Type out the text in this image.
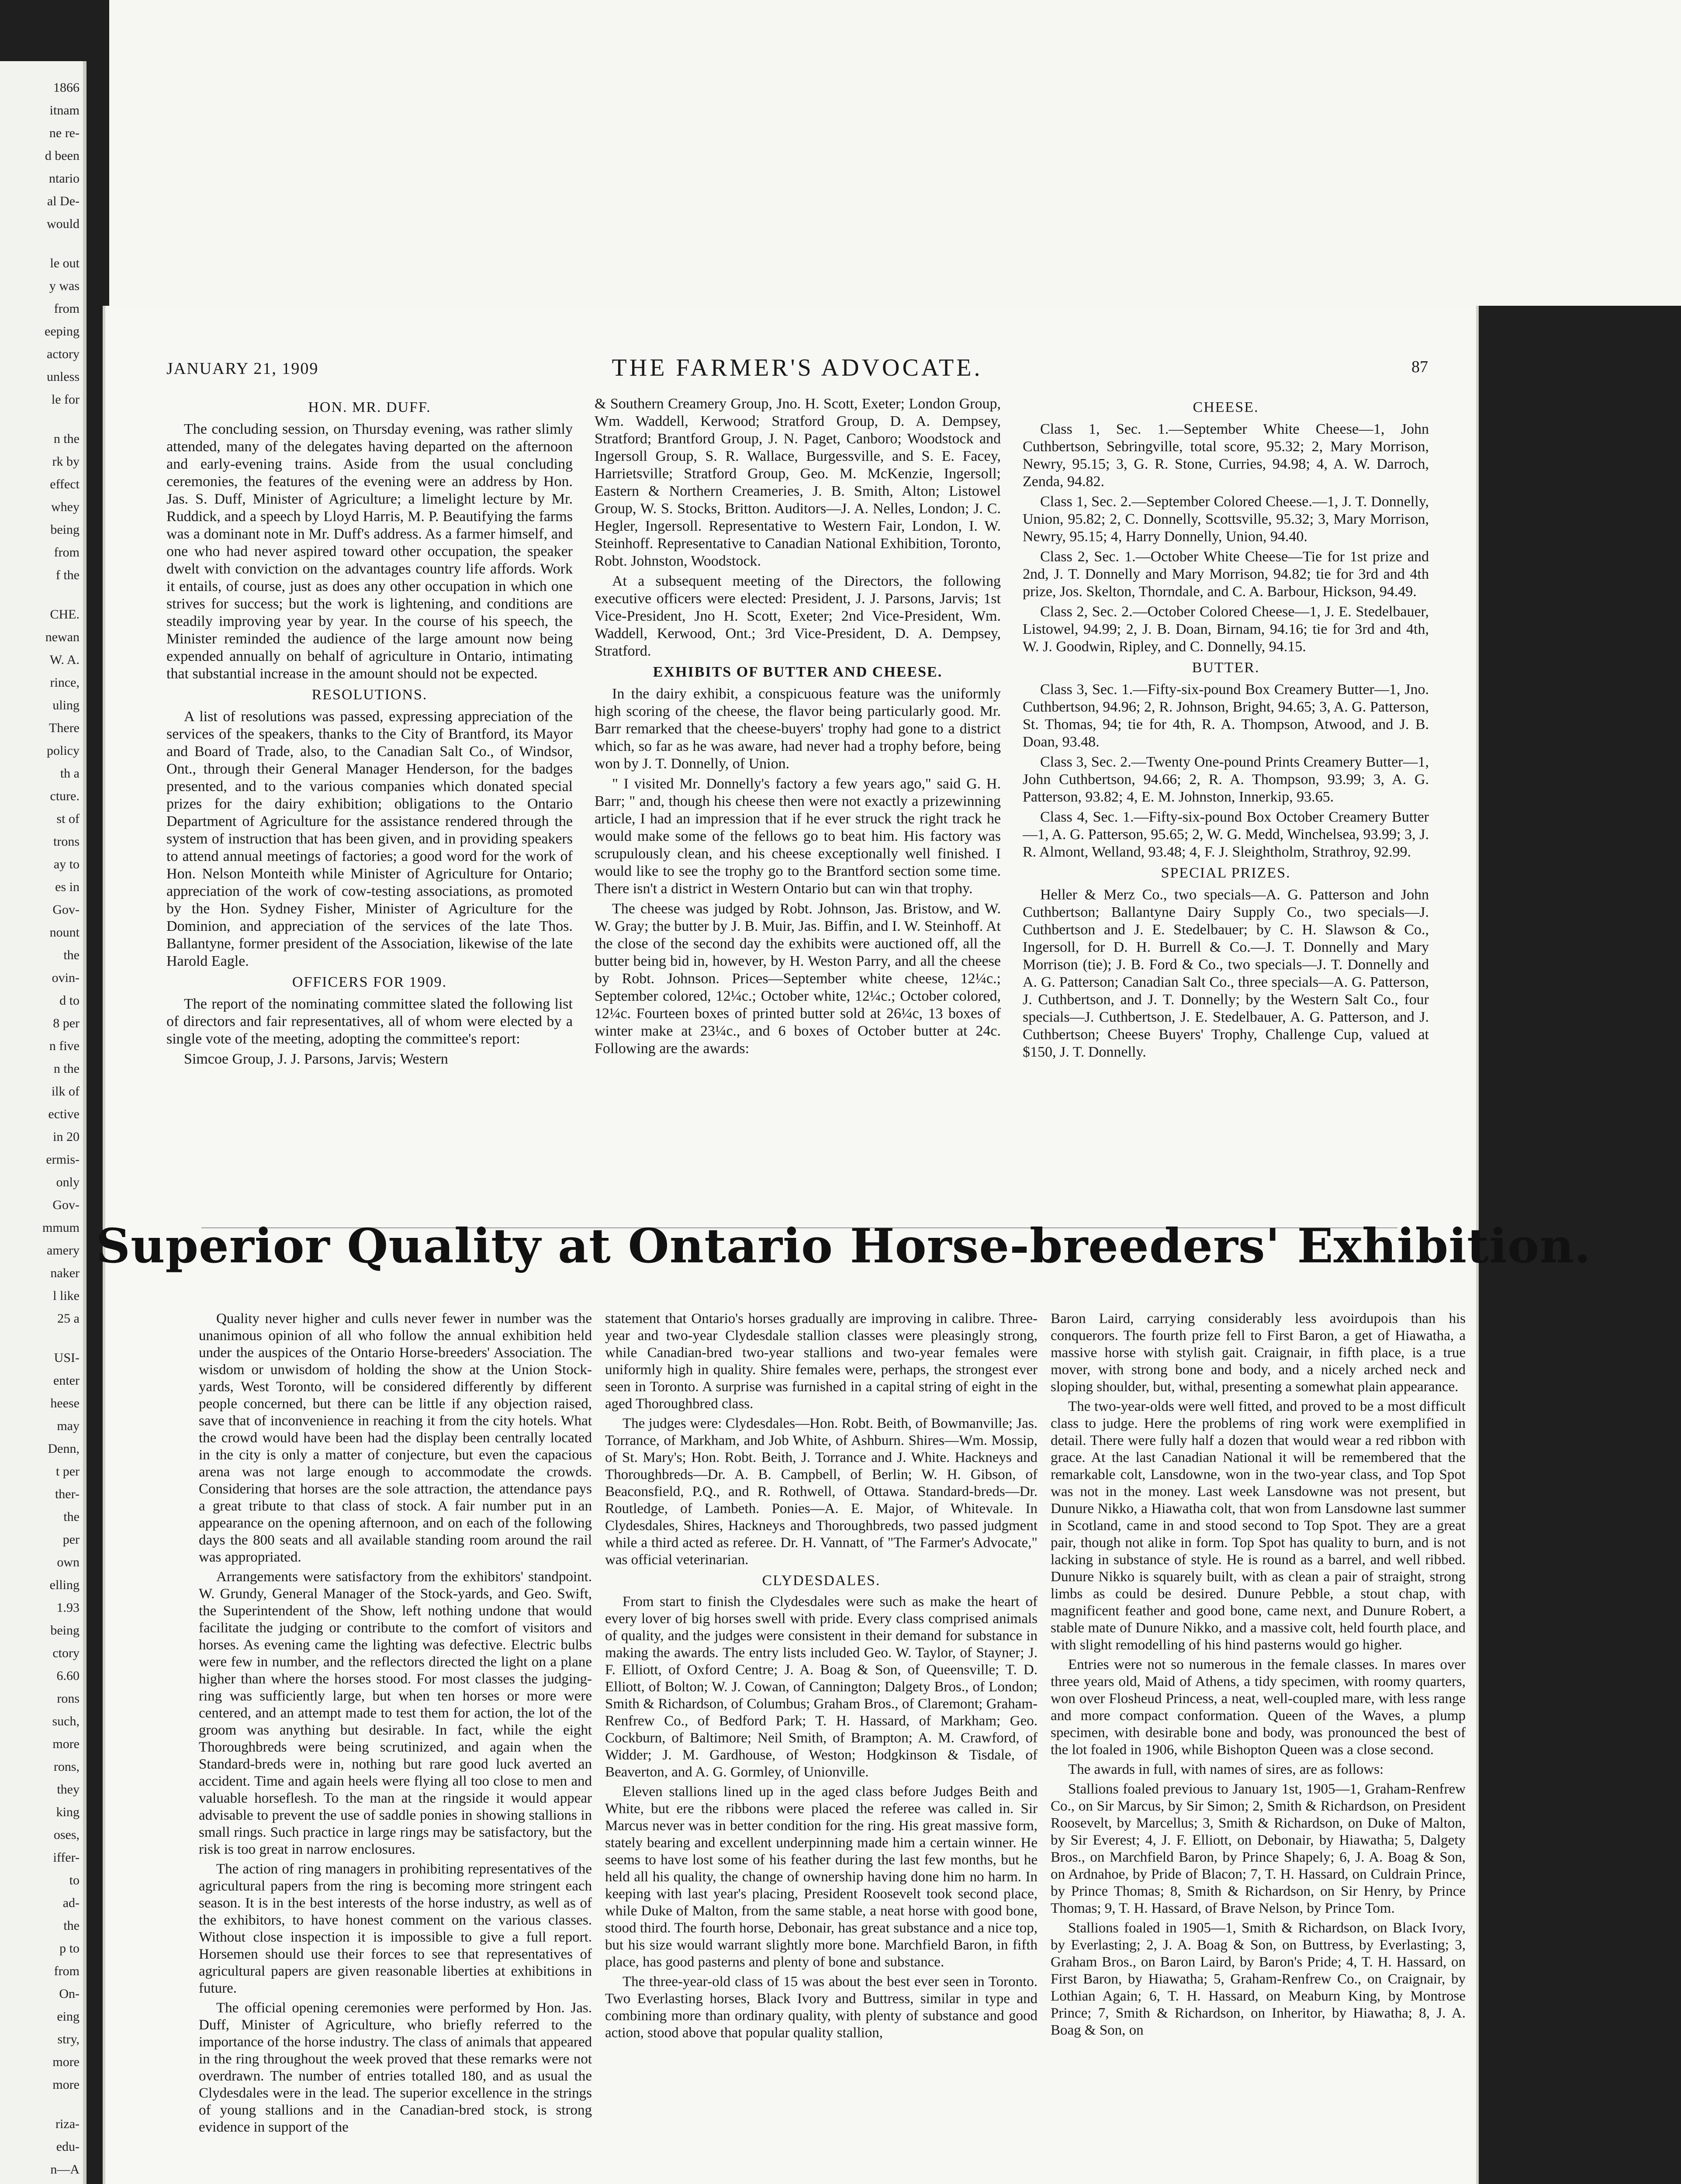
1866
itnam
ne re-
d been
ntario
al De-
would
le out
y was
from
eeping
actory
unless
le for
n the
rk by
effect
whey
being
from
f the
CHE.
newan
W. A.
rince,
uling
There
policy
th a
cture.
st of
trons
ay to
es in
Gov-
nount
the
ovin-
d to
8 per
n five
n the
ilk of
ective
in 20
ermis-
only
Gov-
mmum
amery
naker
l like
25 a
USI-
enter
heese
may
Denn,
t per
ther-
the
per
own
elling
1.93
being
ctory
6.60
rons
such,
more
rons,
they
king
oses,
iffer-
to
ad-
the
p to
from
On-
eing
stry,
more
more
riza-
edu-
n—A
JANUARY 21, 1909	THE FARMER'S ADVOCATE.	87
HON. MR. DUFF.

The concluding session, on Thursday evening, was rather slimly attended, many of the delegates having departed on the afternoon and early-evening trains. Aside from the usual concluding ceremonies, the features of the evening were an address by Hon. Jas. S. Duff, Minister of Agriculture; a limelight lecture by Mr. Ruddick, and a speech by Lloyd Harris, M. P. Beautifying the farms was a dominant note in Mr. Duff's address. As a farmer himself, and one who had never aspired toward other occupation, the speaker dwelt with conviction on the advantages country life affords. Work it entails, of course, just as does any other occupation in which one strives for success; but the work is lightening, and conditions are steadily improving year by year. In the course of his speech, the Minister reminded the audience of the large amount now being expended annually on behalf of agriculture in Ontario, intimating that substantial increase in the amount should not be expected.

RESOLUTIONS.

A list of resolutions was passed, expressing appreciation of the services of the speakers, thanks to the City of Brantford, its Mayor and Board of Trade, also, to the Canadian Salt Co., of Windsor, Ont., through their General Manager Henderson, for the badges presented, and to the various companies which donated special prizes for the dairy exhibition; obligations to the Ontario Department of Agriculture for the assistance rendered through the system of instruction that has been given, and in providing speakers to attend annual meetings of factories; a good word for the work of Hon. Nelson Monteith while Minister of Agriculture for Ontario; appreciation of the work of cow-testing associations, as promoted by the Hon. Sydney Fisher, Minister of Agriculture for the Dominion, and appreciation of the services of the late Thos. Ballantyne, former president of the Association, likewise of the late Harold Eagle.

OFFICERS FOR 1909.

The report of the nominating committee slated the following list of directors and fair representatives, all of whom were elected by a single vote of the meeting, adopting the committee's report:

Simcoe Group, J. J. Parsons, Jarvis; Western

& Southern Creamery Group, Jno. H. Scott, Exeter; London Group, Wm. Waddell, Kerwood; Stratford Group, D. A. Dempsey, Stratford; Brantford Group, J. N. Paget, Canboro; Woodstock and Ingersoll Group, S. R. Wallace, Burgessville, and S. E. Facey, Harrietsville; Stratford Group, Geo. M. McKenzie, Ingersoll; Eastern & Northern Creameries, J. B. Smith, Alton; Listowel Group, W. S. Stocks, Britton. Auditors—J. A. Nelles, London; J. C. Hegler, Ingersoll. Representative to Western Fair, London, I. W. Steinhoff. Representative to Canadian National Exhibition, Toronto, Robt. Johnston, Woodstock.

At a subsequent meeting of the Directors, the following executive officers were elected: President, J. J. Parsons, Jarvis; 1st Vice-President, Jno H. Scott, Exeter; 2nd Vice-President, Wm. Waddell, Kerwood, Ont.; 3rd Vice-President, D. A. Dempsey, Stratford.

EXHIBITS OF BUTTER AND CHEESE.

In the dairy exhibit, a conspicuous feature was the uniformly high scoring of the cheese, the flavor being particularly good. Mr. Barr remarked that the cheese-buyers' trophy had gone to a district which, so far as he was aware, had never had a trophy before, being won by J. T. Donnelly, of Union.

" I visited Mr. Donnelly's factory a few years ago," said G. H. Barr; " and, though his cheese then were not exactly a prizewinning article, I had an impression that if he ever struck the right track he would make some of the fellows go to beat him. His factory was scrupulously clean, and his cheese exceptionally well finished. I would like to see the trophy go to the Brantford section some time. There isn't a district in Western Ontario but can win that trophy.

The cheese was judged by Robt. Johnson, Jas. Bristow, and W. W. Gray; the butter by J. B. Muir, Jas. Biffin, and I. W. Steinhoff. At the close of the second day the exhibits were auctioned off, all the butter being bid in, however, by H. Weston Parry, and all the cheese by Robt. Johnson. Prices—September white cheese, 12¼c.; September colored, 12¼c.; October white, 12¼c.; October colored, 12¼c. Fourteen boxes of printed butter sold at 26¼c, 13 boxes of winter make at 23¼c., and 6 boxes of October butter at 24c. Following are the awards:

CHEESE.

Class 1, Sec. 1.—September White Cheese—1, John Cuthbertson, Sebringville, total score, 95.32; 2, Mary Morrison, Newry, 95.15; 3, G. R. Stone, Curries, 94.98; 4, A. W. Darroch, Zenda, 94.82.

Class 1, Sec. 2.—September Colored Cheese.—1, J. T. Donnelly, Union, 95.82; 2, C. Donnelly, Scottsville, 95.32; 3, Mary Morrison, Newry, 95.15; 4, Harry Donnelly, Union, 94.40.

Class 2, Sec. 1.—October White Cheese—Tie for 1st prize and 2nd, J. T. Donnelly and Mary Morrison, 94.82; tie for 3rd and 4th prize, Jos. Skelton, Thorndale, and C. A. Barbour, Hickson, 94.49.

Class 2, Sec. 2.—October Colored Cheese—1, J. E. Stedelbauer, Listowel, 94.99; 2, J. B. Doan, Birnam, 94.16; tie for 3rd and 4th, W. J. Goodwin, Ripley, and C. Donnelly, 94.15.

BUTTER.

Class 3, Sec. 1.—Fifty-six-pound Box Creamery Butter—1, Jno. Cuthbertson, 94.96; 2, R. Johnson, Bright, 94.65; 3, A. G. Patterson, St. Thomas, 94; tie for 4th, R. A. Thompson, Atwood, and J. B. Doan, 93.48.

Class 3, Sec. 2.—Twenty One-pound Prints Creamery Butter—1, John Cuthbertson, 94.66; 2, R. A. Thompson, 93.99; 3, A. G. Patterson, 93.82; 4, E. M. Johnston, Innerkip, 93.65.

Class 4, Sec. 1.—Fifty-six-pound Box October Creamery Butter—1, A. G. Patterson, 95.65; 2, W. G. Medd, Winchelsea, 93.99; 3, J. R. Almont, Welland, 93.48; 4, F. J. Sleightholm, Strathroy, 92.99.

SPECIAL PRIZES.

Heller & Merz Co., two specials—A. G. Patterson and John Cuthbertson; Ballantyne Dairy Supply Co., two specials—J. Cuthbertson and J. E. Stedelbauer; by C. H. Slawson & Co., Ingersoll, for D. H. Burrell & Co.—J. T. Donnelly and Mary Morrison (tie); J. B. Ford & Co., two specials—J. T. Donnelly and A. G. Patterson; Canadian Salt Co., three specials—A. G. Patterson, J. Cuthbertson, and J. T. Donnelly; by the Western Salt Co., four specials—J. Cuthbertson, J. E. Stedelbauer, A. G. Patterson, and J. Cuthbertson; Cheese Buyers' Trophy, Challenge Cup, valued at $150, J. T. Donnelly.

Superior Quality at Ontario Horse-breeders' Exhibition.

Quality never higher and culls never fewer in number was the unanimous opinion of all who follow the annual exhibition held under the auspices of the Ontario Horse-breeders' Association. The wisdom or unwisdom of holding the show at the Union Stock-yards, West Toronto, will be considered differently by different people concerned, but there can be little if any objection raised, save that of inconvenience in reaching it from the city hotels. What the crowd would have been had the display been centrally located in the city is only a matter of conjecture, but even the capacious arena was not large enough to accommodate the crowds. Considering that horses are the sole attraction, the attendance pays a great tribute to that class of stock. A fair number put in an appearance on the opening afternoon, and on each of the following days the 800 seats and all available standing room around the rail was appropriated.

Arrangements were satisfactory from the exhibitors' standpoint. W. Grundy, General Manager of the Stock-yards, and Geo. Swift, the Superintendent of the Show, left nothing undone that would facilitate the judging or contribute to the comfort of visitors and horses. As evening came the lighting was defective. Electric bulbs were few in number, and the reflectors directed the light on a plane higher than where the horses stood. For most classes the judging-ring was sufficiently large, but when ten horses or more were centered, and an attempt made to test them for action, the lot of the groom was anything but desirable. In fact, while the eight Thoroughbreds were being scrutinized, and again when the Standard-breds were in, nothing but rare good luck averted an accident. Time and again heels were flying all too close to men and valuable horseflesh. To the man at the ringside it would appear advisable to prevent the use of saddle ponies in showing stallions in small rings. Such practice in large rings may be satisfactory, but the risk is too great in narrow enclosures.

The action of ring managers in prohibiting representatives of the agricultural papers from the ring is becoming more stringent each season. It is in the best interests of the horse industry, as well as of the exhibitors, to have honest comment on the various classes. Without close inspection it is impossible to give a full report. Horsemen should use their forces to see that representatives of agricultural papers are given reasonable liberties at exhibitions in future.

The official opening ceremonies were performed by Hon. Jas. Duff, Minister of Agriculture, who briefly referred to the importance of the horse industry. The class of animals that appeared in the ring throughout the week proved that these remarks were not overdrawn. The number of entries totalled 180, and as usual the Clydesdales were in the lead. The superior excellence in the strings of young stallions and in the Canadian-bred stock, is strong evidence in support of the

statement that Ontario's horses gradually are improving in calibre. Three-year and two-year Clydesdale stallion classes were pleasingly strong, while Canadian-bred two-year stallions and two-year females were uniformly high in quality. Shire females were, perhaps, the strongest ever seen in Toronto. A surprise was furnished in a capital string of eight in the aged Thoroughbred class.

The judges were: Clydesdales—Hon. Robt. Beith, of Bowmanville; Jas. Torrance, of Markham, and Job White, of Ashburn. Shires—Wm. Mossip, of St. Mary's; Hon. Robt. Beith, J. Torrance and J. White. Hackneys and Thoroughbreds—Dr. A. B. Campbell, of Berlin; W. H. Gibson, of Beaconsfield, P.Q., and R. Rothwell, of Ottawa. Standard-breds—Dr. Routledge, of Lambeth. Ponies—A. E. Major, of Whitevale. In Clydesdales, Shires, Hackneys and Thoroughbreds, two passed judgment while a third acted as referee. Dr. H. Vannatt, of "The Farmer's Advocate," was official veterinarian.

CLYDESDALES.

From start to finish the Clydesdales were such as make the heart of every lover of big horses swell with pride. Every class comprised animals of quality, and the judges were consistent in their demand for substance in making the awards. The entry lists included Geo. W. Taylor, of Stayner; J. F. Elliott, of Oxford Centre; J. A. Boag & Son, of Queensville; T. D. Elliott, of Bolton; W. J. Cowan, of Cannington; Dalgety Bros., of London; Smith & Richardson, of Columbus; Graham Bros., of Claremont; Graham-Renfrew Co., of Bedford Park; T. H. Hassard, of Markham; Geo. Cockburn, of Baltimore; Neil Smith, of Brampton; A. M. Crawford, of Widder; J. M. Gardhouse, of Weston; Hodgkinson & Tisdale, of Beaverton, and A. G. Gormley, of Unionville.

Eleven stallions lined up in the aged class before Judges Beith and White, but ere the ribbons were placed the referee was called in. Sir Marcus never was in better condition for the ring. His great massive form, stately bearing and excellent underpinning made him a certain winner. He seems to have lost some of his feather during the last few months, but he held all his quality, the change of ownership having done him no harm. In keeping with last year's placing, President Roosevelt took second place, while Duke of Malton, from the same stable, a neat horse with good bone, stood third. The fourth horse, Debonair, has great substance and a nice top, but his size would warrant slightly more bone. Marchfield Baron, in fifth place, has good pasterns and plenty of bone and substance.

The three-year-old class of 15 was about the best ever seen in Toronto. Two Everlasting horses, Black Ivory and Buttress, similar in type and combining more than ordinary quality, with plenty of substance and good action, stood above that popular quality stallion,

Baron Laird, carrying considerably less avoirdupois than his conquerors. The fourth prize fell to First Baron, a get of Hiawatha, a massive horse with stylish gait. Craignair, in fifth place, is a true mover, with strong bone and body, and a nicely arched neck and sloping shoulder, but, withal, presenting a somewhat plain appearance.

The two-year-olds were well fitted, and proved to be a most difficult class to judge. Here the problems of ring work were exemplified in detail. There were fully half a dozen that would wear a red ribbon with grace. At the last Canadian National it will be remembered that the remarkable colt, Lansdowne, won in the two-year class, and Top Spot was not in the money. Last week Lansdowne was not present, but Dunure Nikko, a Hiawatha colt, that won from Lansdowne last summer in Scotland, came in and stood second to Top Spot. They are a great pair, though not alike in form. Top Spot has quality to burn, and is not lacking in substance of style. He is round as a barrel, and well ribbed. Dunure Nikko is squarely built, with as clean a pair of straight, strong limbs as could be desired. Dunure Pebble, a stout chap, with magnificent feather and good bone, came next, and Dunure Robert, a stable mate of Dunure Nikko, and a massive colt, held fourth place, and with slight remodelling of his hind pasterns would go higher.

Entries were not so numerous in the female classes. In mares over three years old, Maid of Athens, a tidy specimen, with roomy quarters, won over Flosheud Princess, a neat, well-coupled mare, with less range and more compact conformation. Queen of the Waves, a plump specimen, with desirable bone and body, was pronounced the best of the lot foaled in 1906, while Bishopton Queen was a close second.

The awards in full, with names of sires, are as follows:

Stallions foaled previous to January 1st, 1905—1, Graham-Renfrew Co., on Sir Marcus, by Sir Simon; 2, Smith & Richardson, on President Roosevelt, by Marcellus; 3, Smith & Richardson, on Duke of Malton, by Sir Everest; 4, J. F. Elliott, on Debonair, by Hiawatha; 5, Dalgety Bros., on Marchfield Baron, by Prince Shapely; 6, J. A. Boag & Son, on Ardnahoe, by Pride of Blacon; 7, T. H. Hassard, on Culdrain Prince, by Prince Thomas; 8, Smith & Richardson, on Sir Henry, by Prince Thomas; 9, T. H. Hassard, of Brave Nelson, by Prince Tom.

Stallions foaled in 1905—1, Smith & Richardson, on Black Ivory, by Everlasting; 2, J. A. Boag & Son, on Buttress, by Everlasting; 3, Graham Bros., on Baron Laird, by Baron's Pride; 4, T. H. Hassard, on First Baron, by Hiawatha; 5, Graham-Renfrew Co., on Craignair, by Lothian Again; 6, T. H. Hassard, on Meaburn King, by Montrose Prince; 7, Smith & Richardson, on Inheritor, by Hiawatha; 8, J. A. Boag & Son, on
